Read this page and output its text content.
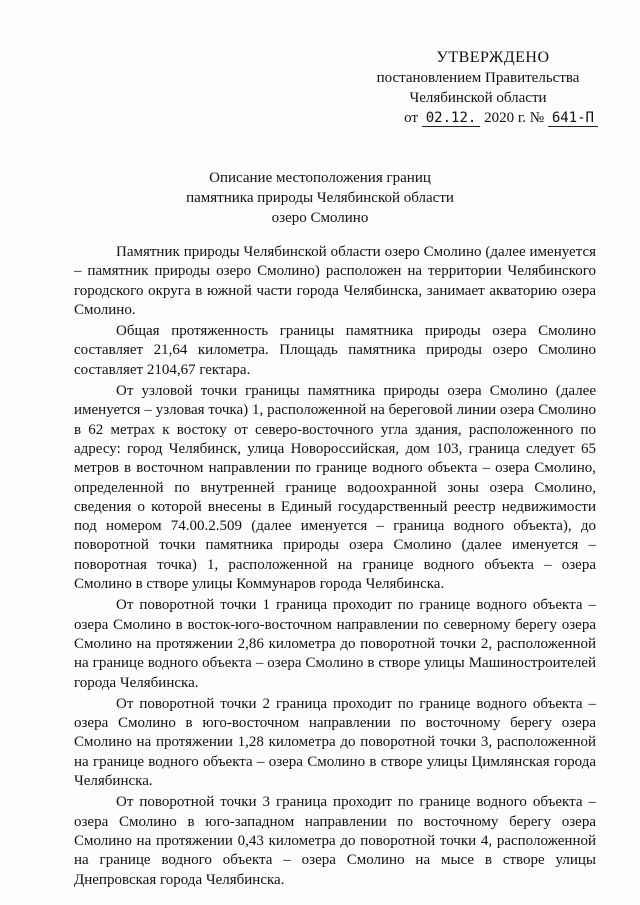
УТВЕРЖДЕНО
постановлением Правительства
Челябинской области
от 02.12. 2020 г. № 641-П
Описание местоположения границ
памятника природы Челябинской области
озеро Смолино

Памятник природы Челябинской области озеро Смолино (далее именуется – памятник природы озеро Смолино) расположен на территории Челябинского городского округа в южной части города Челябинска, занимает акваторию озера Смолино.

Общая протяженность границы памятника природы озера Смолино составляет 21,64 километра. Площадь памятника природы озеро Смолино составляет 2104,67 гектара.

От узловой точки границы памятника природы озера Смолино (далее именуется – узловая точка) 1, расположенной на береговой линии озера Смолино в 62 метрах к востоку от северо-восточного угла здания, расположенного по адресу: город Челябинск, улица Новороссийская, дом 103, граница следует 65 метров в восточном направлении по границе водного объекта – озера Смолино, определенной по внутренней границе водоохранной зоны озера Смолино, сведения о которой внесены в Единый государственный реестр недвижимости под номером 74.00.2.509 (далее именуется – граница водного объекта), до поворотной точки памятника природы озера Смолино (далее именуется – поворотная точка) 1, расположенной на границе водного объекта – озера Смолино в створе улицы Коммунаров города Челябинска.

От поворотной точки 1 граница проходит по границе водного объекта – озера Смолино в восток-юго-восточном направлении по северному берегу озера Смолино на протяжении 2,86 километра до поворотной точки 2, расположенной на границе водного объекта – озера Смолино в створе улицы Машиностроителей города Челябинска.

От поворотной точки 2 граница проходит по границе водного объекта – озера Смолино в юго-восточном направлении по восточному берегу озера Смолино на протяжении 1,28 километра до поворотной точки 3, расположенной на границе водного объекта – озера Смолино в створе улицы Цимлянская города Челябинска.

От поворотной точки 3 граница проходит по границе водного объекта – озера Смолино в юго-западном направлении по восточному берегу озера Смолино на протяжении 0,43 километра до поворотной точки 4, расположенной на границе водного объекта – озера Смолино на мысе в створе улицы Днепровская города Челябинска.
